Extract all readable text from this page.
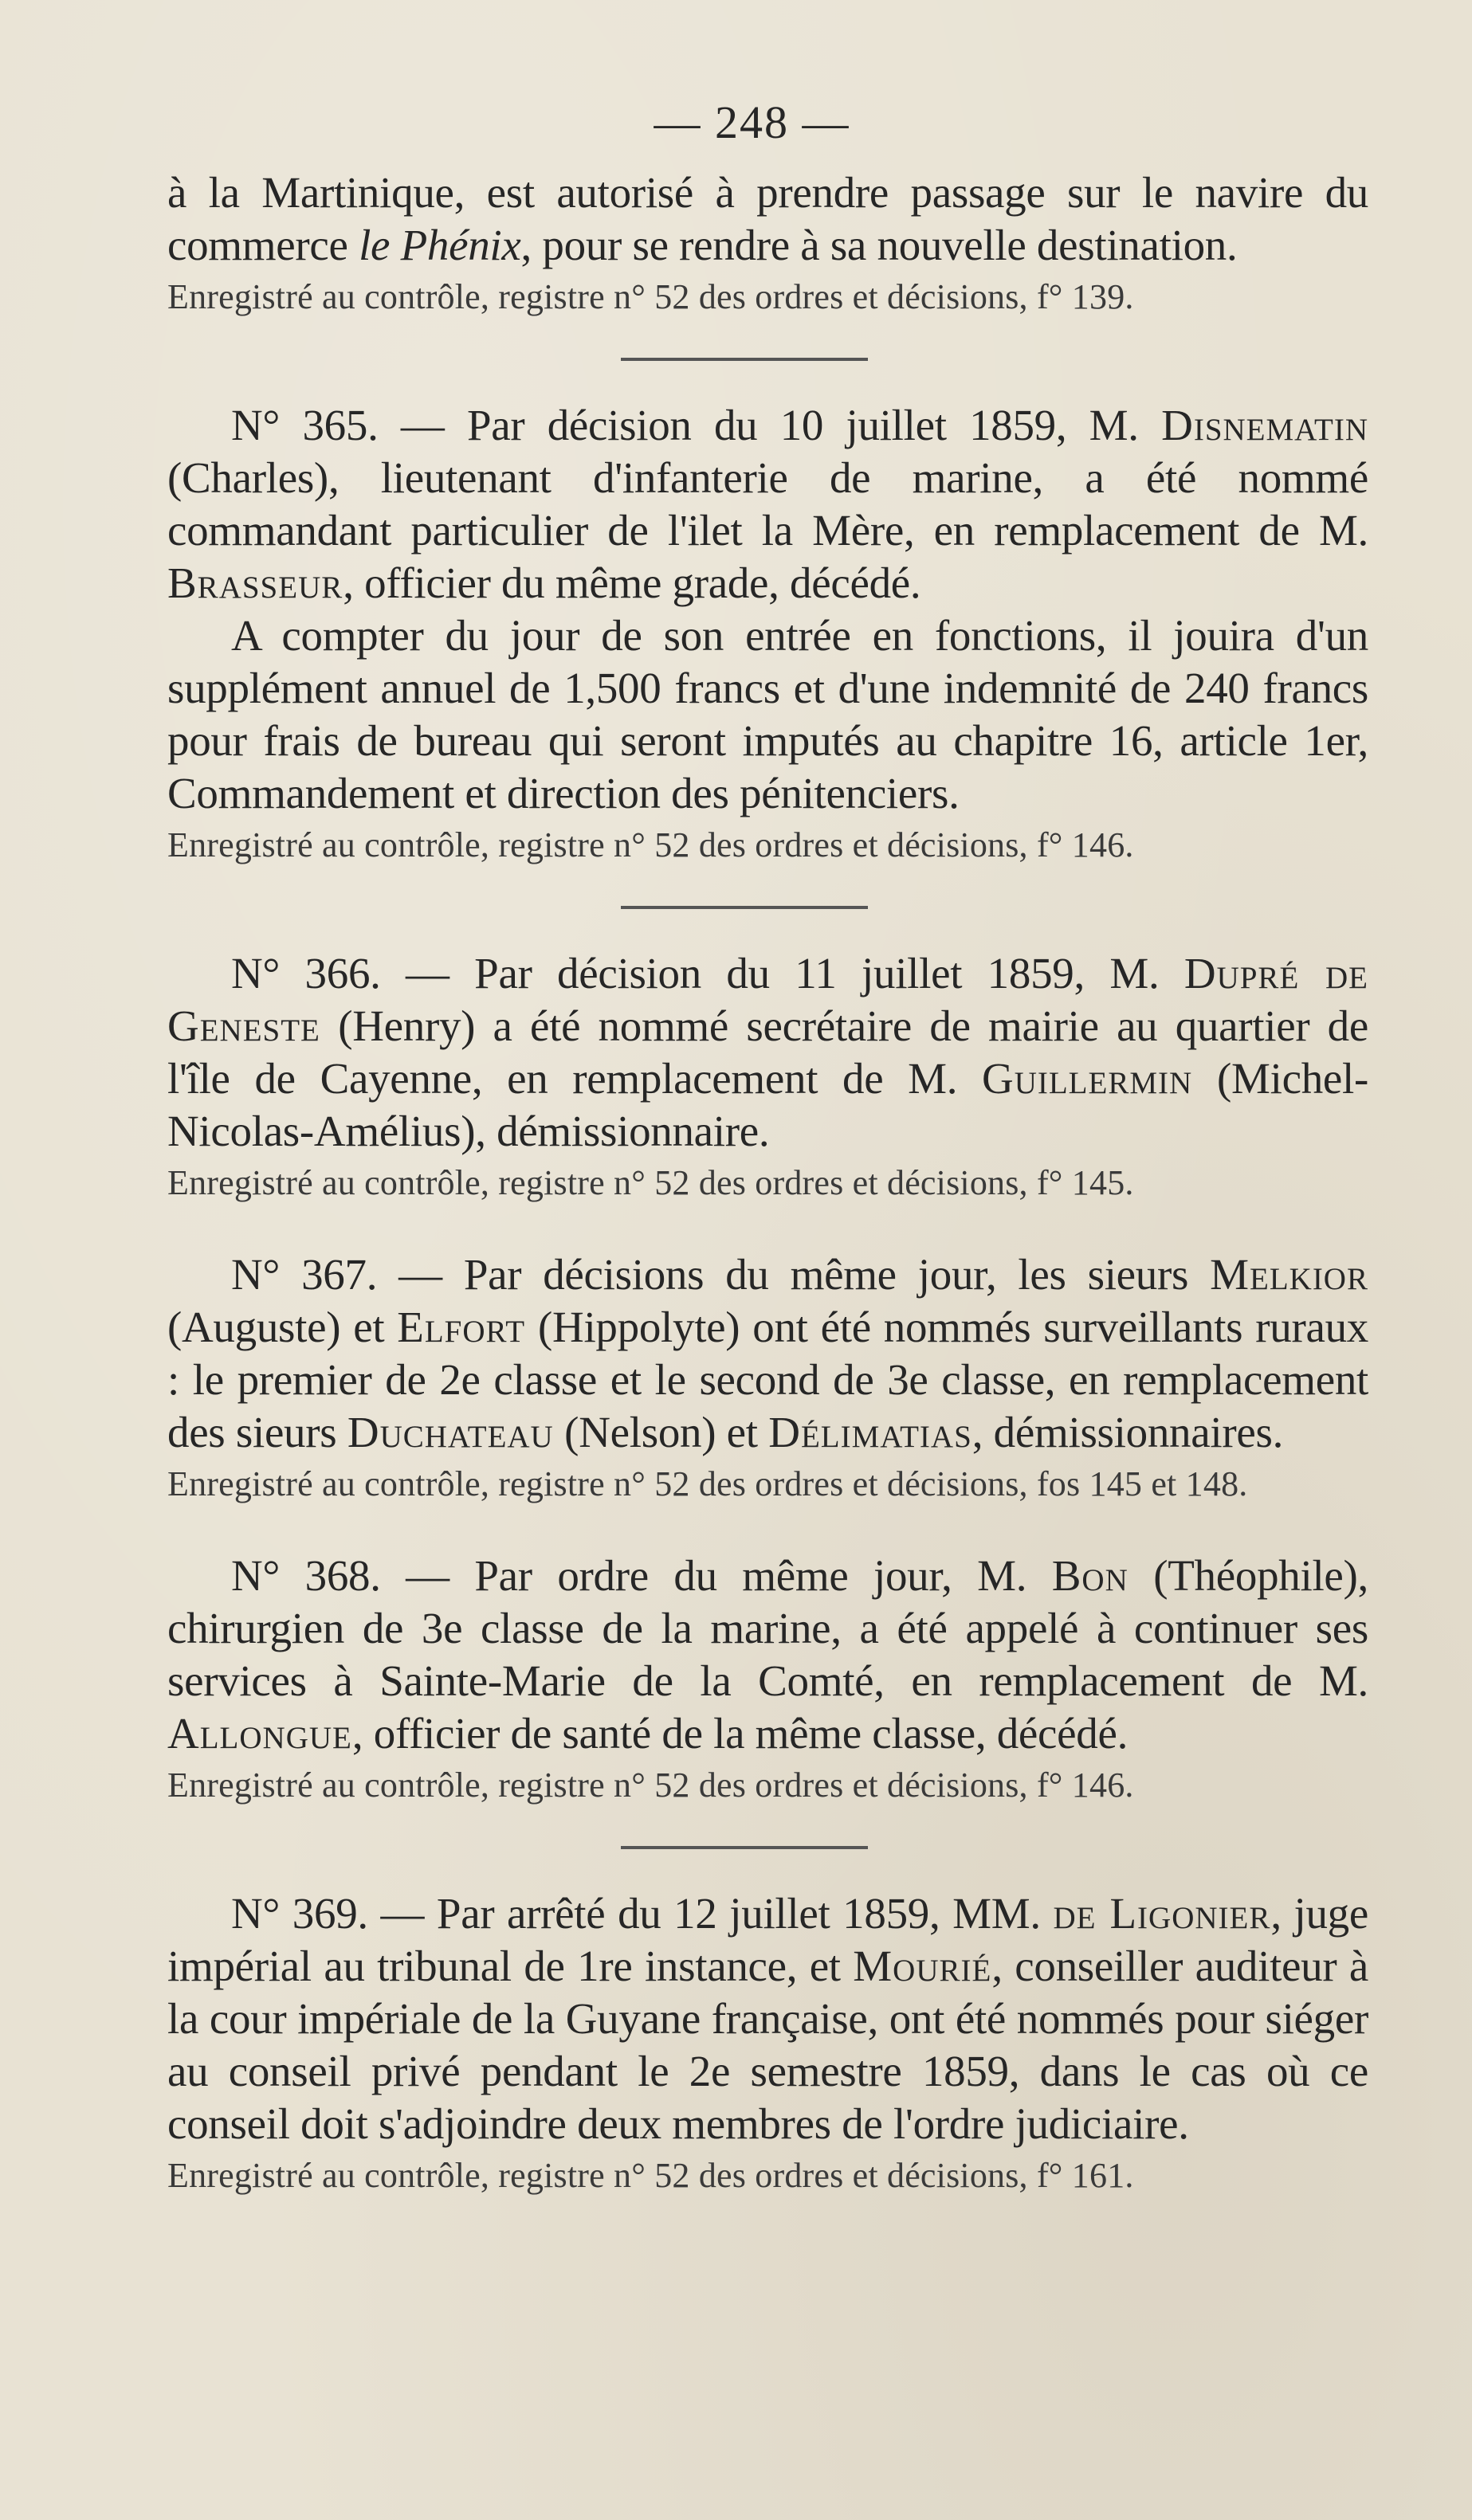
— 248 —

à la Martinique, est autorisé à prendre passage sur le navire du commerce le Phénix, pour se rendre à sa nouvelle destination.

Enregistré au contrôle, registre n° 52 des ordres et décisions, f° 139.

N° 365. — Par décision du 10 juillet 1859, M. Disnematin (Charles), lieutenant d'infanterie de marine, a été nommé commandant particulier de l'ilet la Mère, en remplacement de M. Brasseur, officier du même grade, décédé.

A compter du jour de son entrée en fonctions, il jouira d'un supplément annuel de 1,500 francs et d'une indemnité de 240 francs pour frais de bureau qui seront imputés au chapitre 16, article 1er, Commandement et direction des pénitenciers.

Enregistré au contrôle, registre n° 52 des ordres et décisions, f° 146.

N° 366. — Par décision du 11 juillet 1859, M. Dupré de Geneste (Henry) a été nommé secrétaire de mairie au quartier de l'île de Cayenne, en remplacement de M. Guillermin (Michel-Nicolas-Amélius), démissionnaire.

Enregistré au contrôle, registre n° 52 des ordres et décisions, f° 145.

N° 367. — Par décisions du même jour, les sieurs Melkior (Auguste) et Elfort (Hippolyte) ont été nommés surveillants ruraux : le premier de 2e classe et le second de 3e classe, en remplacement des sieurs Duchateau (Nelson) et Délimatias, démissionnaires.

Enregistré au contrôle, registre n° 52 des ordres et décisions, fos 145 et 148.

N° 368. — Par ordre du même jour, M. Bon (Théophile), chirurgien de 3e classe de la marine, a été appelé à continuer ses services à Sainte-Marie de la Comté, en remplacement de M. Allongue, officier de santé de la même classe, décédé.

Enregistré au contrôle, registre n° 52 des ordres et décisions, f° 146.

N° 369. — Par arrêté du 12 juillet 1859, MM. de Ligonier, juge impérial au tribunal de 1re instance, et Mourié, conseiller auditeur à la cour impériale de la Guyane française, ont été nommés pour siéger au conseil privé pendant le 2e semestre 1859, dans le cas où ce conseil doit s'adjoindre deux membres de l'ordre judiciaire.

Enregistré au contrôle, registre n° 52 des ordres et décisions, f° 161.
